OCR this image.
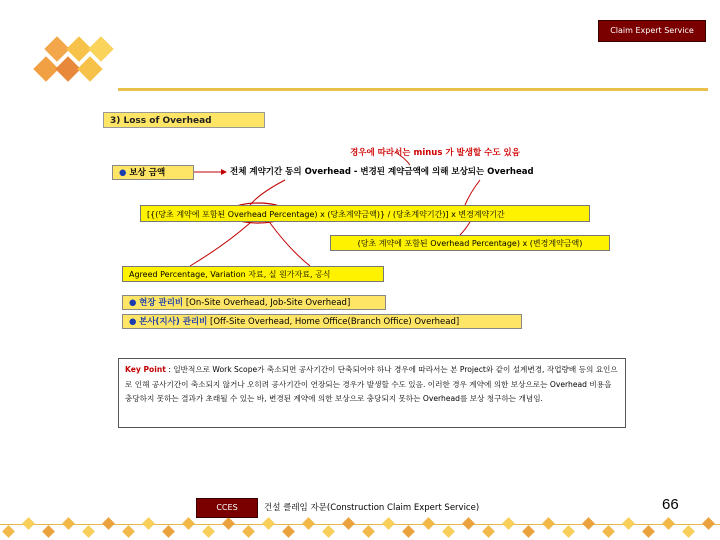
Claim Expert Service
3) Loss of Overhead
경우에 따라서는 minus 가 발생할 수도 있음
● 보상 금액	전체 계약기간 동의 Overhead - 변경된 계약금액에 의해 보상되는 Overhead
[{(당초 계약에 포함된 Overhead Percentage) x (당초계약금액)} / (당초계약기간)] x 변경계약기간
(당초 계약에 포함된 Overhead Percentage) x (변경계약금액)
Agreed Percentage, Variation 자료, 실 원가자료, 공식
● 현장 관리비 [On-Site Overhead, Job-Site Overhead]
● 본사(지사) 관리비 [Off-Site Overhead, Home Office(Branch Office) Overhead]
Key Point : 일반적으로 Work Scope가 축소되면 공사기간이 단축되어야 하나 경우에 따라서는 본 Project와 같이 설계변경, 작업량배 등의 요인으로 인해 공사기간이 축소되지 않거나 오히려 공사기간이 연장되는 경우가 발생할 수도 있음. 이러한 경우 계약에 의한 보상으로는 Overhead 비용을 충당하지 못하는 결과가 초래될 수 있는 바, 변경된 계약에 의한 보상으로 충당되지 못하는 Overhead를 보상 청구하는 개념임.
CCES	건설 클레임 자문(Construction Claim Expert Service)	66
